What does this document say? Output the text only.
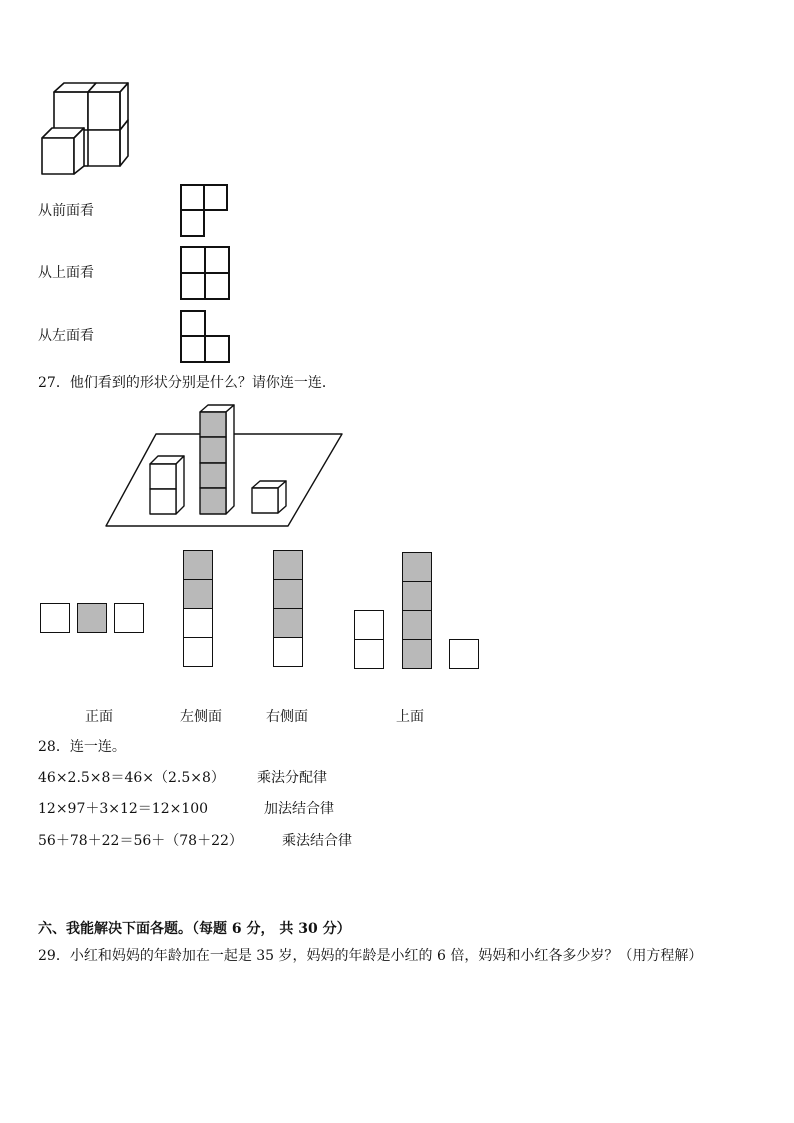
从前面看
从上面看
从左面看
27．他们看到的形状分别是什么？请你连一连．
正面	左侧面	右侧面	上面
28．连一连。
46×2.5×8＝46×（2.5×8）
12×97＋3×12＝12×100
56＋78＋22＝56＋（78＋22）
乘法分配律
加法结合律
乘法结合律
六、我能解决下面各题。（每题 6 分， 共 30 分）
29．小红和妈妈的年龄加在一起是 35 岁，妈妈的年龄是小红的 6 倍，妈妈和小红各多少岁？（用方程解）
